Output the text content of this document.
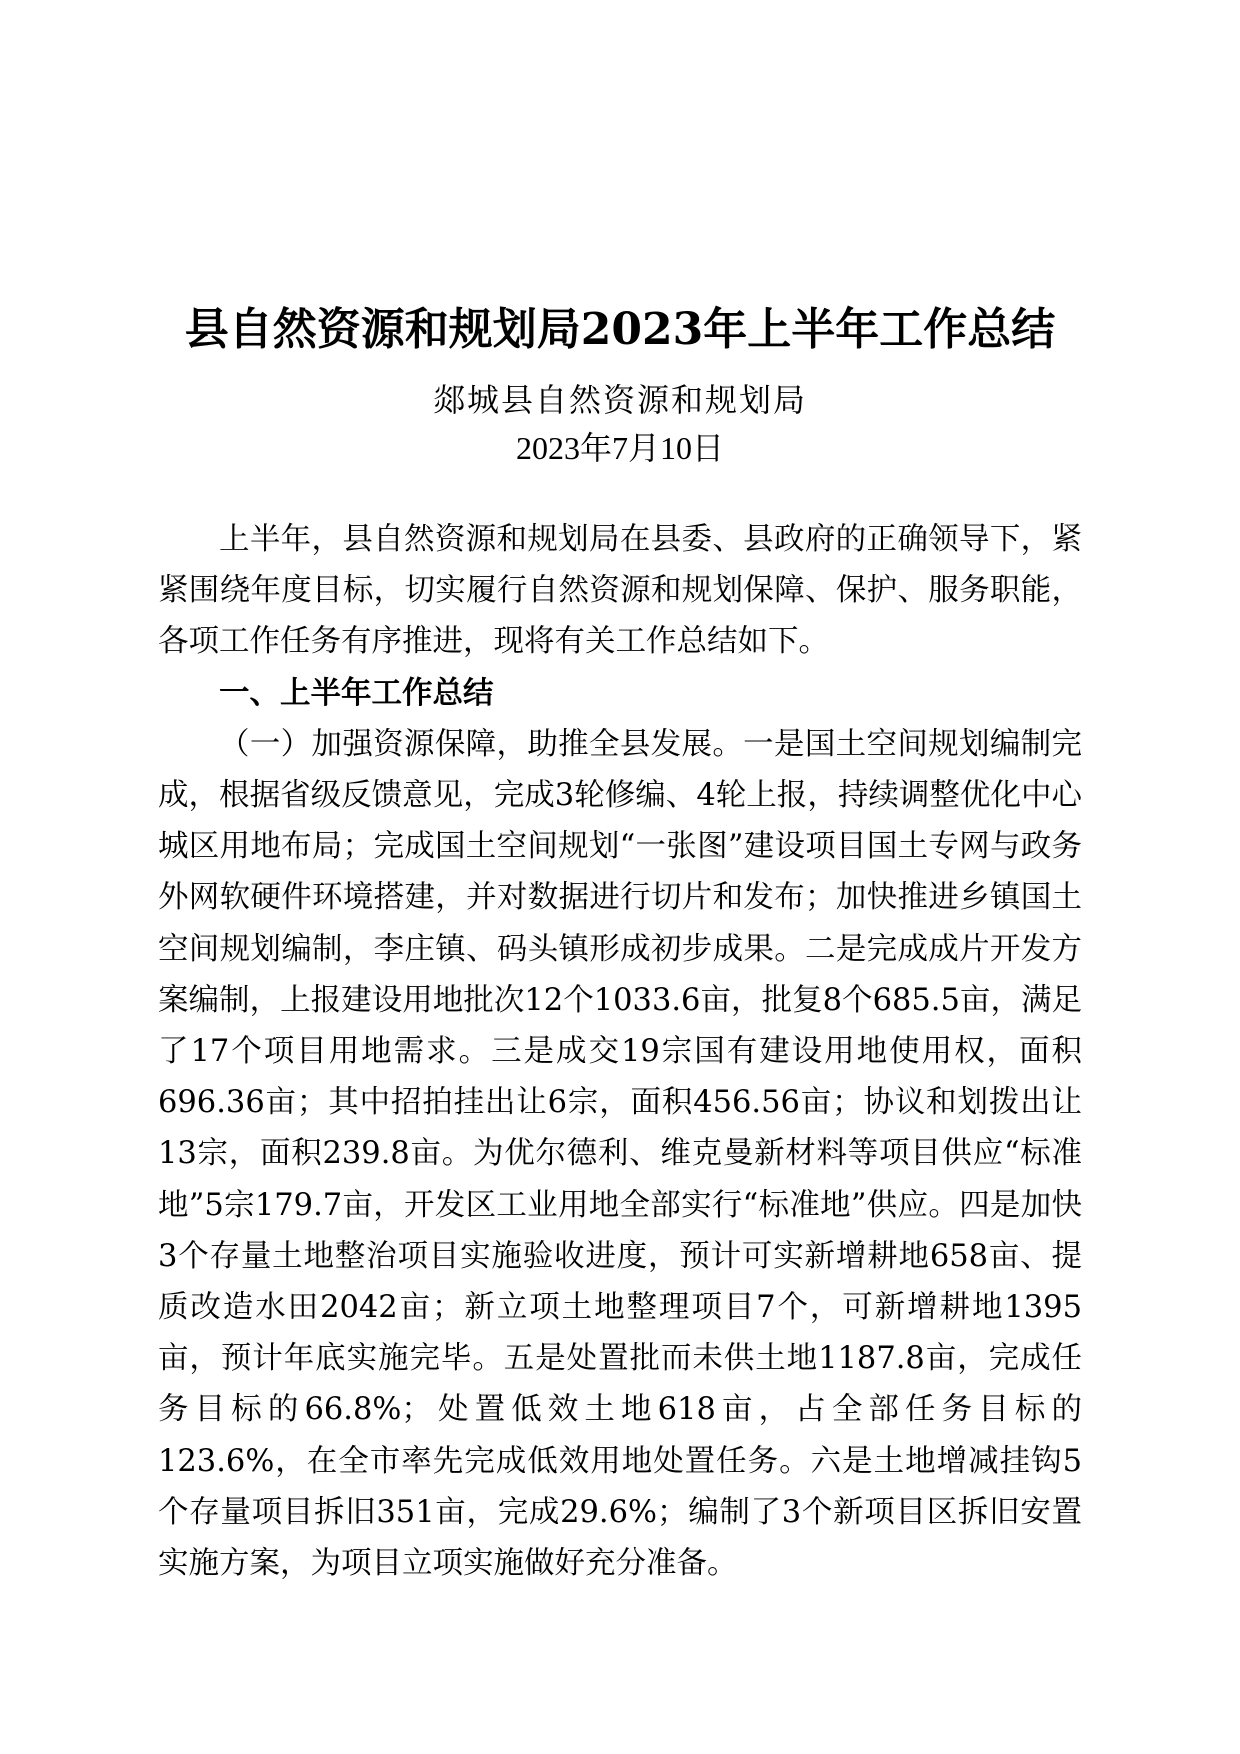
县自然资源和规划局2023年上半年工作总结
郯城县自然资源和规划局
2023年7月10日

上半年，县自然资源和规划局在县委、县政府的正确领导下，紧紧围绕年度目标，切实履行自然资源和规划保障、保护、服务职能，各项工作任务有序推进，现将有关工作总结如下。

一、上半年工作总结

（一）加强资源保障，助推全县发展。一是国土空间规划编制完成，根据省级反馈意见，完成3轮修编、4轮上报，持续调整优化中心城区用地布局；完成国土空间规划“一张图”建设项目国土专网与政务外网软硬件环境搭建，并对数据进行切片和发布；加快推进乡镇国土空间规划编制，李庄镇、码头镇形成初步成果。二是完成成片开发方案编制，上报建设用地批次12个1033.6亩，批复8个685.5亩，满足了17个项目用地需求。三是成交19宗国有建设用地使用权，面积696.36亩；其中招拍挂出让6宗，面积456.56亩；协议和划拨出让13宗，面积239.8亩。为优尔德利、维克曼新材料等项目供应“标准地”5宗179.7亩，开发区工业用地全部实行“标准地”供应。四是加快3个存量土地整治项目实施验收进度，预计可实新增耕地658亩、提质改造水田2042亩；新立项土地整理项目7个，可新增耕地1395亩，预计年底实施完毕。五是处置批而未供土地1187.8亩，完成任务目标的66.8%；处置低效土地618亩，占全部任务目标的123.6%，在全市率先完成低效用地处置任务。六是土地增减挂钩5个存量项目拆旧351亩，完成29.6%；编制了3个新项目区拆旧安置实施方案，为项目立项实施做好充分准备。
